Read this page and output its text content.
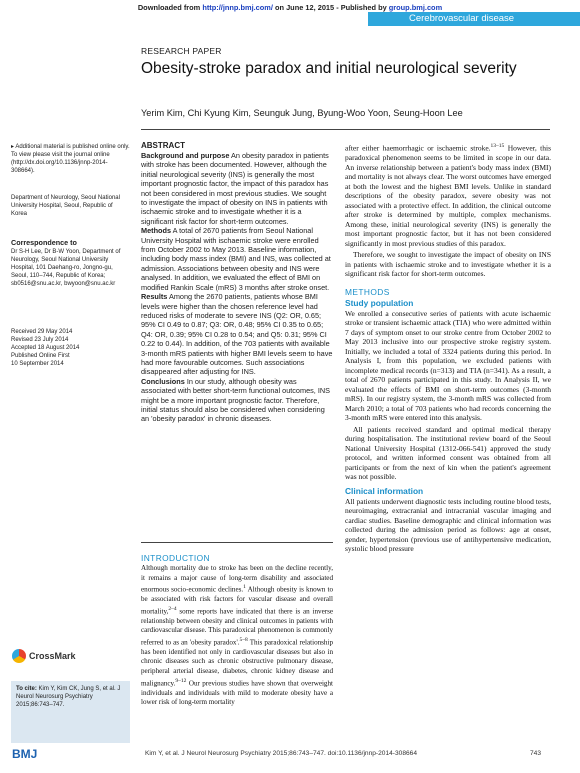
Downloaded from http://jnnp.bmj.com/ on June 12, 2015 - Published by group.bmj.com
Cerebrovascular disease
RESEARCH PAPER
Obesity-stroke paradox and initial neurological severity
Yerim Kim, Chi Kyung Kim, Seunguk Jung, Byung-Woo Yoon, Seung-Hoon Lee
▸ Additional material is published online only. To view please visit the journal online (http://dx.doi.org/10.1136/jnnp-2014-308664).
Department of Neurology, Seoul National University Hospital, Seoul, Republic of Korea
Correspondence to
Dr S-H Lee, Dr B-W Yoon, Department of Neurology, Seoul National University Hospital, 101 Daehang-ro, Jongno-gu, Seoul, 110–744, Republic of Korea; sb0516@snu.ac.kr, bwyoon@snu.ac.kr
Received 29 May 2014
Revised 23 July 2014
Accepted 18 August 2014
Published Online First
10 September 2014
ABSTRACT
Background and purpose An obesity paradox in patients with stroke has been documented. However, although the initial neurological severity (INS) is generally the most important prognostic factor, the impact of this paradox has not been considered in most previous studies. We sought to investigate the impact of obesity on INS in patients with ischaemic stroke and to investigate whether it is a significant risk factor for short-term outcomes.
Methods A total of 2670 patients from Seoul National University Hospital with ischaemic stroke were enrolled from October 2002 to May 2013. Baseline information, including body mass index (BMI) and INS, was collected at admission. Associations between obesity and INS were analysed. In addition, we evaluated the effect of BMI on modified Rankin Scale (mRS) 3 months after stroke onset.
Results Among the 2670 patients, patients whose BMI levels were higher than the chosen reference level had reduced risks of moderate to severe INS (Q2: OR, 0.65; 95% CI 0.49 to 0.87; Q3: OR, 0.48; 95% CI 0.35 to 0.65; Q4: OR, 0.39; 95% CI 0.28 to 0.54; and Q5: 0.31; 95% CI 0.22 to 0.44). In addition, of the 703 patients with available 3-month mRS patients with higher BMI levels seem to have had more favourable outcomes. Such associations disappeared after adjusting for INS.
Conclusions In our study, although obesity was associated with better short-term functional outcomes, INS might be a more important prognostic factor. Therefore, initial status should also be considered when considering an 'obesity paradox' in chronic diseases.
INTRODUCTION
Although mortality due to stroke has been on the decline recently, it remains a major cause of long-term disability and associated enormous socio-economic declines.$^1$ Although obesity is known to be associated with risk factors for vascular disease and overall mortality,$^{2-4}$ some reports have indicated that there is an inverse relationship between obesity and clinical outcomes in patients with cardiovascular disease. This paradoxical phenomenon is commonly referred to as an 'obesity paradox'.$^{5-8}$ This paradoxical relationship has been identified not only in cardiovascular diseases but also in chronic diseases such as chronic obstructive pulmonary disease, peripheral arterial disease, diabetes, chronic kidney disease and malignancy.$^{9-12}$ Our previous studies have shown that overweight individuals and individuals with mild to moderate obesity have a lower risk of long-term mortality
CrossMark
To cite: Kim Y, Kim CK, Jung S, et al. J Neurol Neurosurg Psychiatry 2015;86:743–747.
after either haemorrhagic or ischaemic stroke.$^{13-15}$ However, this paradoxical phenomenon seems to be limited in scope in our data. An inverse relationship between a patient's body mass index (BMI) and mortality is not always clear. The worst outcomes have emerged at both the lowest and the highest BMI levels. Unlike in standard descriptions of the obesity paradox, severe obesity was not associated with a protective effect. In addition, the clinical outcome after stroke is determined by multiple, complex mechanisms. Among these, initial neurological severity (INS) is generally the most important prognostic factor, but it has not been considered significantly in most previous studies of this paradox.
Therefore, we sought to investigate the impact of obesity on INS in patients with ischaemic stroke and to investigate whether it is a significant risk factor for short-term outcomes.
METHODS
Study population
We enrolled a consecutive series of patients with acute ischaemic stroke or transient ischaemic attack (TIA) who were admitted within 7 days of symptom onset to our stroke centre from October 2002 to May 2013 inclusive into our prospective stroke registry system. Initially, we included a total of 3324 patients during this period. In Analysis I, from this population, we excluded patients with incomplete medical records (n=313) and TIA (n=341). As a result, a total of 2670 patients participated in this study. In Analysis II, we evaluated the effects of BMI on short-term outcomes (3-month mRS). In our registry system, the 3-month mRS was collected from March 2010; a total of 703 patients who had records concerning the 3-month mRS were entered into this analysis.
All patients received standard and optimal medical therapy during hospitalisation. The institutional review board of the Seoul National University Hospital (1312-066-541) approved the study protocol, and written informed consent was obtained from all participants or from the next of kin when the patient's agreement was not possible.
Clinical information
All patients underwent diagnostic tests including routine blood tests, neuroimaging, extracranial and intracranial vascular imaging and cardiac studies. Baseline demographic and clinical information was collected during the admission period as follows: age at onset, gender, hypertension (previous use of antihypertensive medication, systolic blood pressure
BMJ	Kim Y, et al. J Neurol Neurosurg Psychiatry 2015;86:743–747. doi:10.1136/jnnp-2014-308664	743
